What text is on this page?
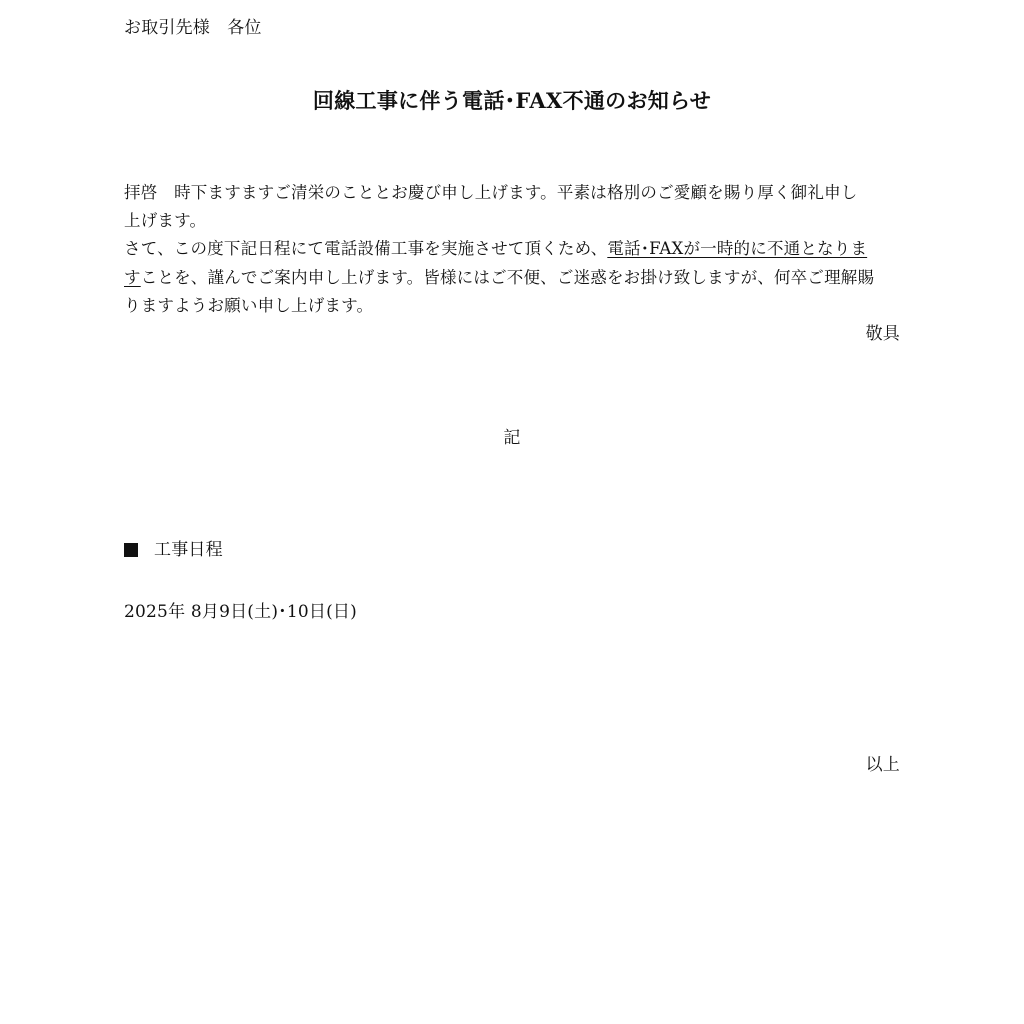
お取引先様　各位
回線工事に伴う電話･FAX不通のお知らせ
拝啓　時下ますますご清栄のこととお慶び申し上げます。平素は格別のご愛顧を賜り厚く御礼申し
上げます。
さて、この度下記日程にて電話設備工事を実施させて頂くため、電話･FAXが一時的に不通となりま
すことを、謹んでご案内申し上げます。皆様にはご不便、ご迷惑をお掛け致しますが、何卒ご理解賜
りますようお願い申し上げます。
敬具
記
工事日程
2025年 8月9日(土)･10日(日)
以上
